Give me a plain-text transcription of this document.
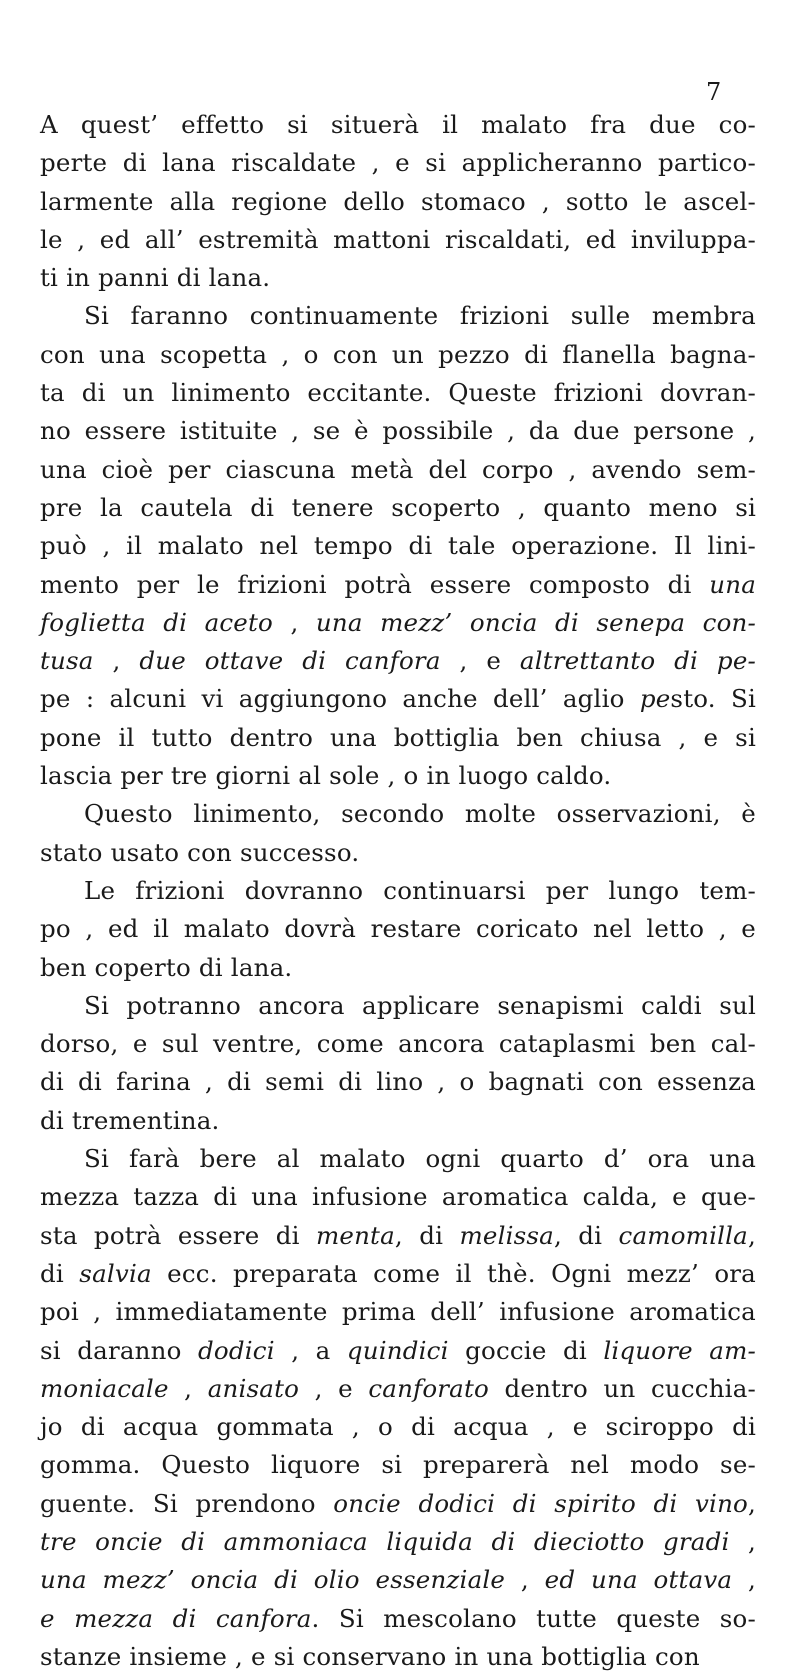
7
A quest’ effetto si situerà il malato fra due co-
perte di lana riscaldate , e si applicheranno partico-
larmente alla regione dello stomaco , sotto le ascel-
le , ed all’ estremità mattoni riscaldati, ed inviluppa-
ti in panni di lana.
Si faranno continuamente frizioni sulle membra
con una scopetta , o con un pezzo di flanella bagna-
ta di un linimento eccitante. Queste frizioni dovran-
no essere istituite , se è possibile , da due persone ,
una cioè per ciascuna metà del corpo , avendo sem-
pre la cautela di tenere scoperto , quanto meno si
può , il malato nel tempo di tale operazione. Il lini-
mento per le frizioni potrà essere composto di una
foglietta di aceto , una mezz’ oncia di senepa con-
tusa , due ottave di canfora , e altrettanto di pe-
pe : alcuni vi aggiungono anche dell’ aglio pesto. Si
pone il tutto dentro una bottiglia ben chiusa , e si
lascia per tre giorni al sole , o in luogo caldo.
Questo linimento, secondo molte osservazioni, è
stato usato con successo.
Le frizioni dovranno continuarsi per lungo tem-
po , ed il malato dovrà restare coricato nel letto , e
ben coperto di lana.
Si potranno ancora applicare senapismi caldi sul
dorso, e sul ventre, come ancora cataplasmi ben cal-
di di farina , di semi di lino , o bagnati con essenza
di trementina.
Si farà bere al malato ogni quarto d’ ora una
mezza tazza di una infusione aromatica calda, e que-
sta potrà essere di menta, di melissa, di camomilla,
di salvia ecc. preparata come il thè. Ogni mezz’ ora
poi , immediatamente prima dell’ infusione aromatica
si daranno dodici , a quindici goccie di liquore am-
moniacale , anisato , e canforato dentro un cucchia-
jo di acqua gommata , o di acqua , e sciroppo di
gomma. Questo liquore si preparerà nel modo se-
guente. Si prendono oncie dodici di spirito di vino,
tre oncie di ammoniaca liquida di dieciotto gradi ,
una mezz’ oncia di olio essenziale , ed una ottava ,
e mezza di canfora. Si mescolano tutte queste so-
stanze insieme , e si conservano in una bottiglia con
